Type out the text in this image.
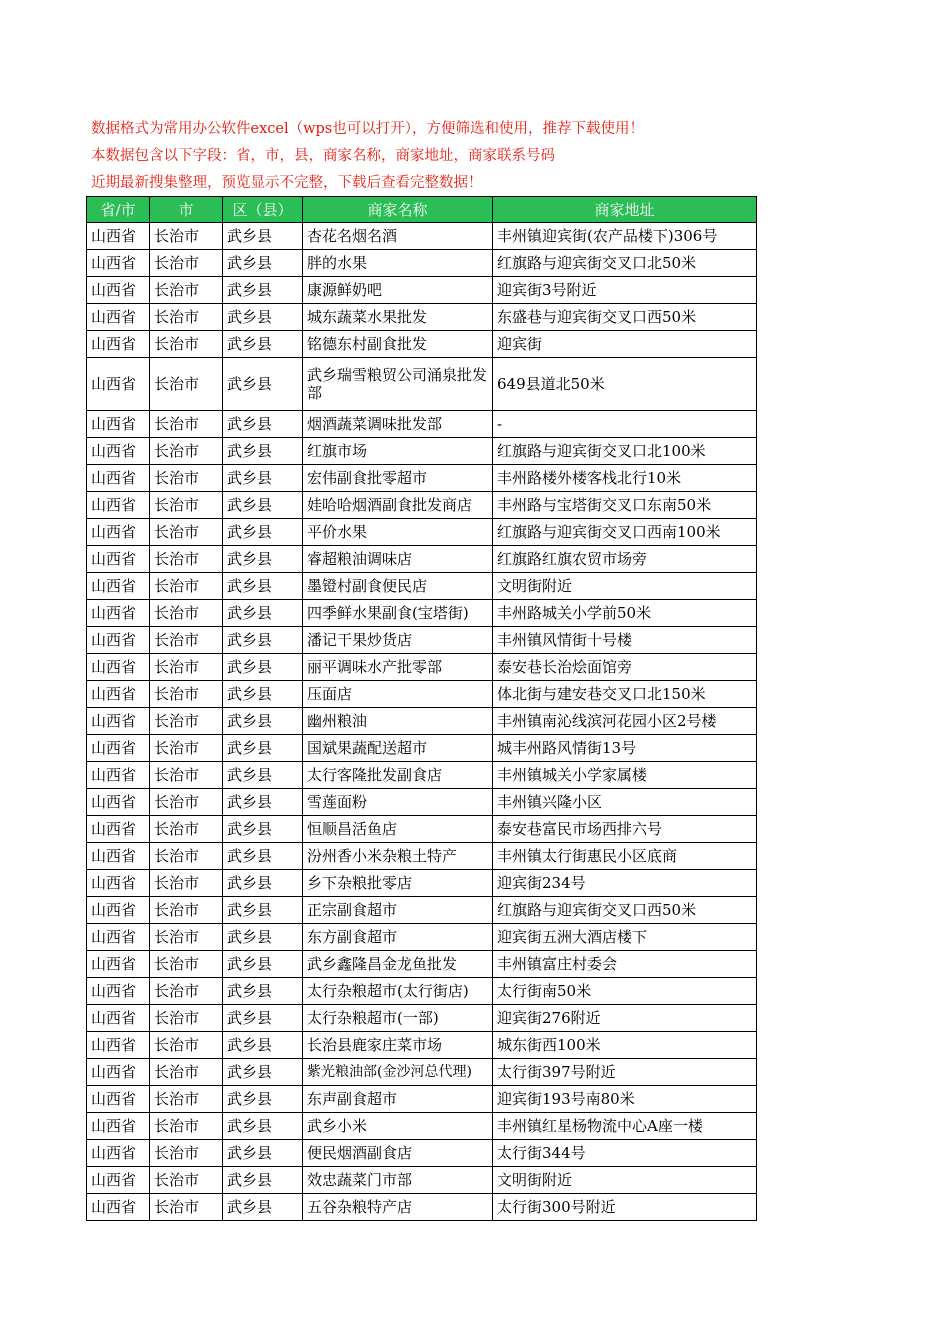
数据格式为常用办公软件excel（wps也可以打开），方便筛选和使用，推荐下载使用！
本数据包含以下字段：省，市，县，商家名称，商家地址，商家联系号码
近期最新搜集整理，预览显示不完整，下载后查看完整数据！
省/市	市	区（县）	商家名称	商家地址
山西省	长治市	武乡县	杏花名烟名酒	丰州镇迎宾街(农产品楼下)306号
山西省	长治市	武乡县	胖的水果	红旗路与迎宾街交叉口北50米
山西省	长治市	武乡县	康源鲜奶吧	迎宾街3号附近
山西省	长治市	武乡县	城东蔬菜水果批发	东盛巷与迎宾街交叉口西50米
山西省	长治市	武乡县	铭德东村副食批发	迎宾街
山西省	长治市	武乡县	武乡瑞雪粮贸公司涌泉批发部	649县道北50米
山西省	长治市	武乡县	烟酒蔬菜调味批发部	-
山西省	长治市	武乡县	红旗市场	红旗路与迎宾街交叉口北100米
山西省	长治市	武乡县	宏伟副食批零超市	丰州路楼外楼客栈北行10米
山西省	长治市	武乡县	娃哈哈烟酒副食批发商店	丰州路与宝塔街交叉口东南50米
山西省	长治市	武乡县	平价水果	红旗路与迎宾街交叉口西南100米
山西省	长治市	武乡县	睿超粮油调味店	红旗路红旗农贸市场旁
山西省	长治市	武乡县	墨镫村副食便民店	文明街附近
山西省	长治市	武乡县	四季鲜水果副食(宝塔街)	丰州路城关小学前50米
山西省	长治市	武乡县	潘记干果炒货店	丰州镇风情街十号楼
山西省	长治市	武乡县	丽平调味水产批零部	泰安巷长治烩面馆旁
山西省	长治市	武乡县	压面店	体北街与建安巷交叉口北150米
山西省	长治市	武乡县	幽州粮油	丰州镇南沁线滨河花园小区2号楼
山西省	长治市	武乡县	国斌果蔬配送超市	城丰州路风情街13号
山西省	长治市	武乡县	太行客隆批发副食店	丰州镇城关小学家属楼
山西省	长治市	武乡县	雪莲面粉	丰州镇兴隆小区
山西省	长治市	武乡县	恒顺昌活鱼店	泰安巷富民市场西排六号
山西省	长治市	武乡县	汾州香小米杂粮土特产	丰州镇太行街惠民小区底商
山西省	长治市	武乡县	乡下杂粮批零店	迎宾街234号
山西省	长治市	武乡县	正宗副食超市	红旗路与迎宾街交叉口西50米
山西省	长治市	武乡县	东方副食超市	迎宾街五洲大酒店楼下
山西省	长治市	武乡县	武乡鑫隆昌金龙鱼批发	丰州镇富庄村委会
山西省	长治市	武乡县	太行杂粮超市(太行街店)	太行街南50米
山西省	长治市	武乡县	太行杂粮超市(一部)	迎宾街276附近
山西省	长治市	武乡县	长治县鹿家庄菜市场	城东街西100米
山西省	长治市	武乡县	紫光粮油部(金沙河总代理)	太行街397号附近
山西省	长治市	武乡县	东声副食超市	迎宾街193号南80米
山西省	长治市	武乡县	武乡小米	丰州镇红星杨物流中心A座一楼
山西省	长治市	武乡县	便民烟酒副食店	太行街344号
山西省	长治市	武乡县	效忠蔬菜门市部	文明街附近
山西省	长治市	武乡县	五谷杂粮特产店	太行街300号附近
